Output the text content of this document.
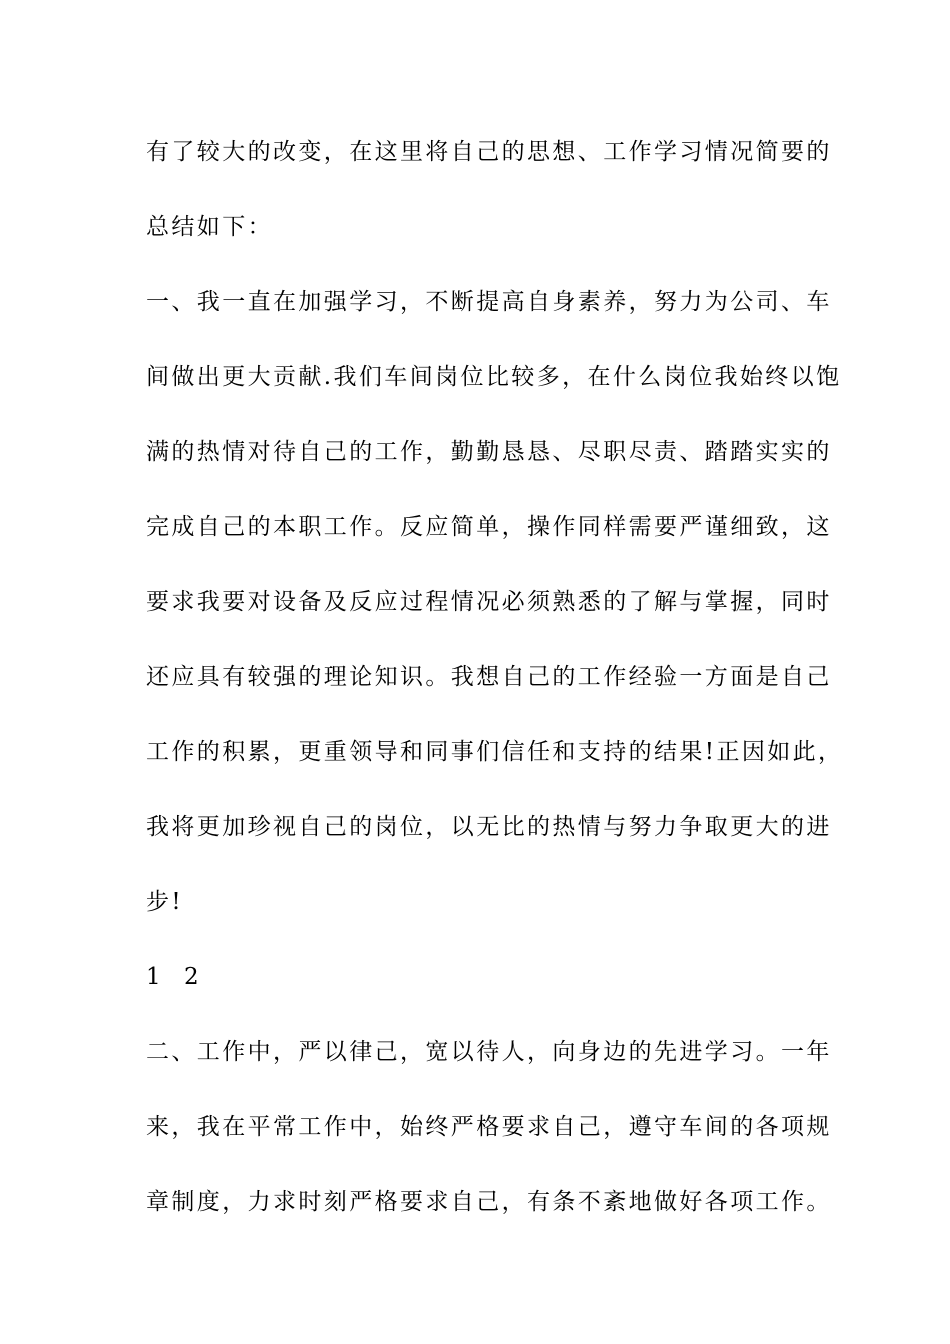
有了较大的改变，在这里将自己的思想、工作学习情况简要的
总结如下：
一、我一直在加强学习，不断提高自身素养，努力为公司、车
间做出更大贡献.我们车间岗位比较多，在什么岗位我始终以饱
满的热情对待自己的工作，勤勤恳恳、尽职尽责、踏踏实实的
完成自己的本职工作。反应简单，操作同样需要严谨细致，这
要求我要对设备及反应过程情况必须熟悉的了解与掌握，同时
还应具有较强的理论知识。我想自己的工作经验一方面是自己
工作的积累，更重领导和同事们信任和支持的结果!正因如此，
我将更加珍视自己的岗位，以无比的热情与努力争取更大的进
步!
1 2
二、工作中，严以律己，宽以待人，向身边的先进学习。一年
来，我在平常工作中，始终严格要求自己，遵守车间的各项规
章制度，力求时刻严格要求自己，有条不紊地做好各项工作。
